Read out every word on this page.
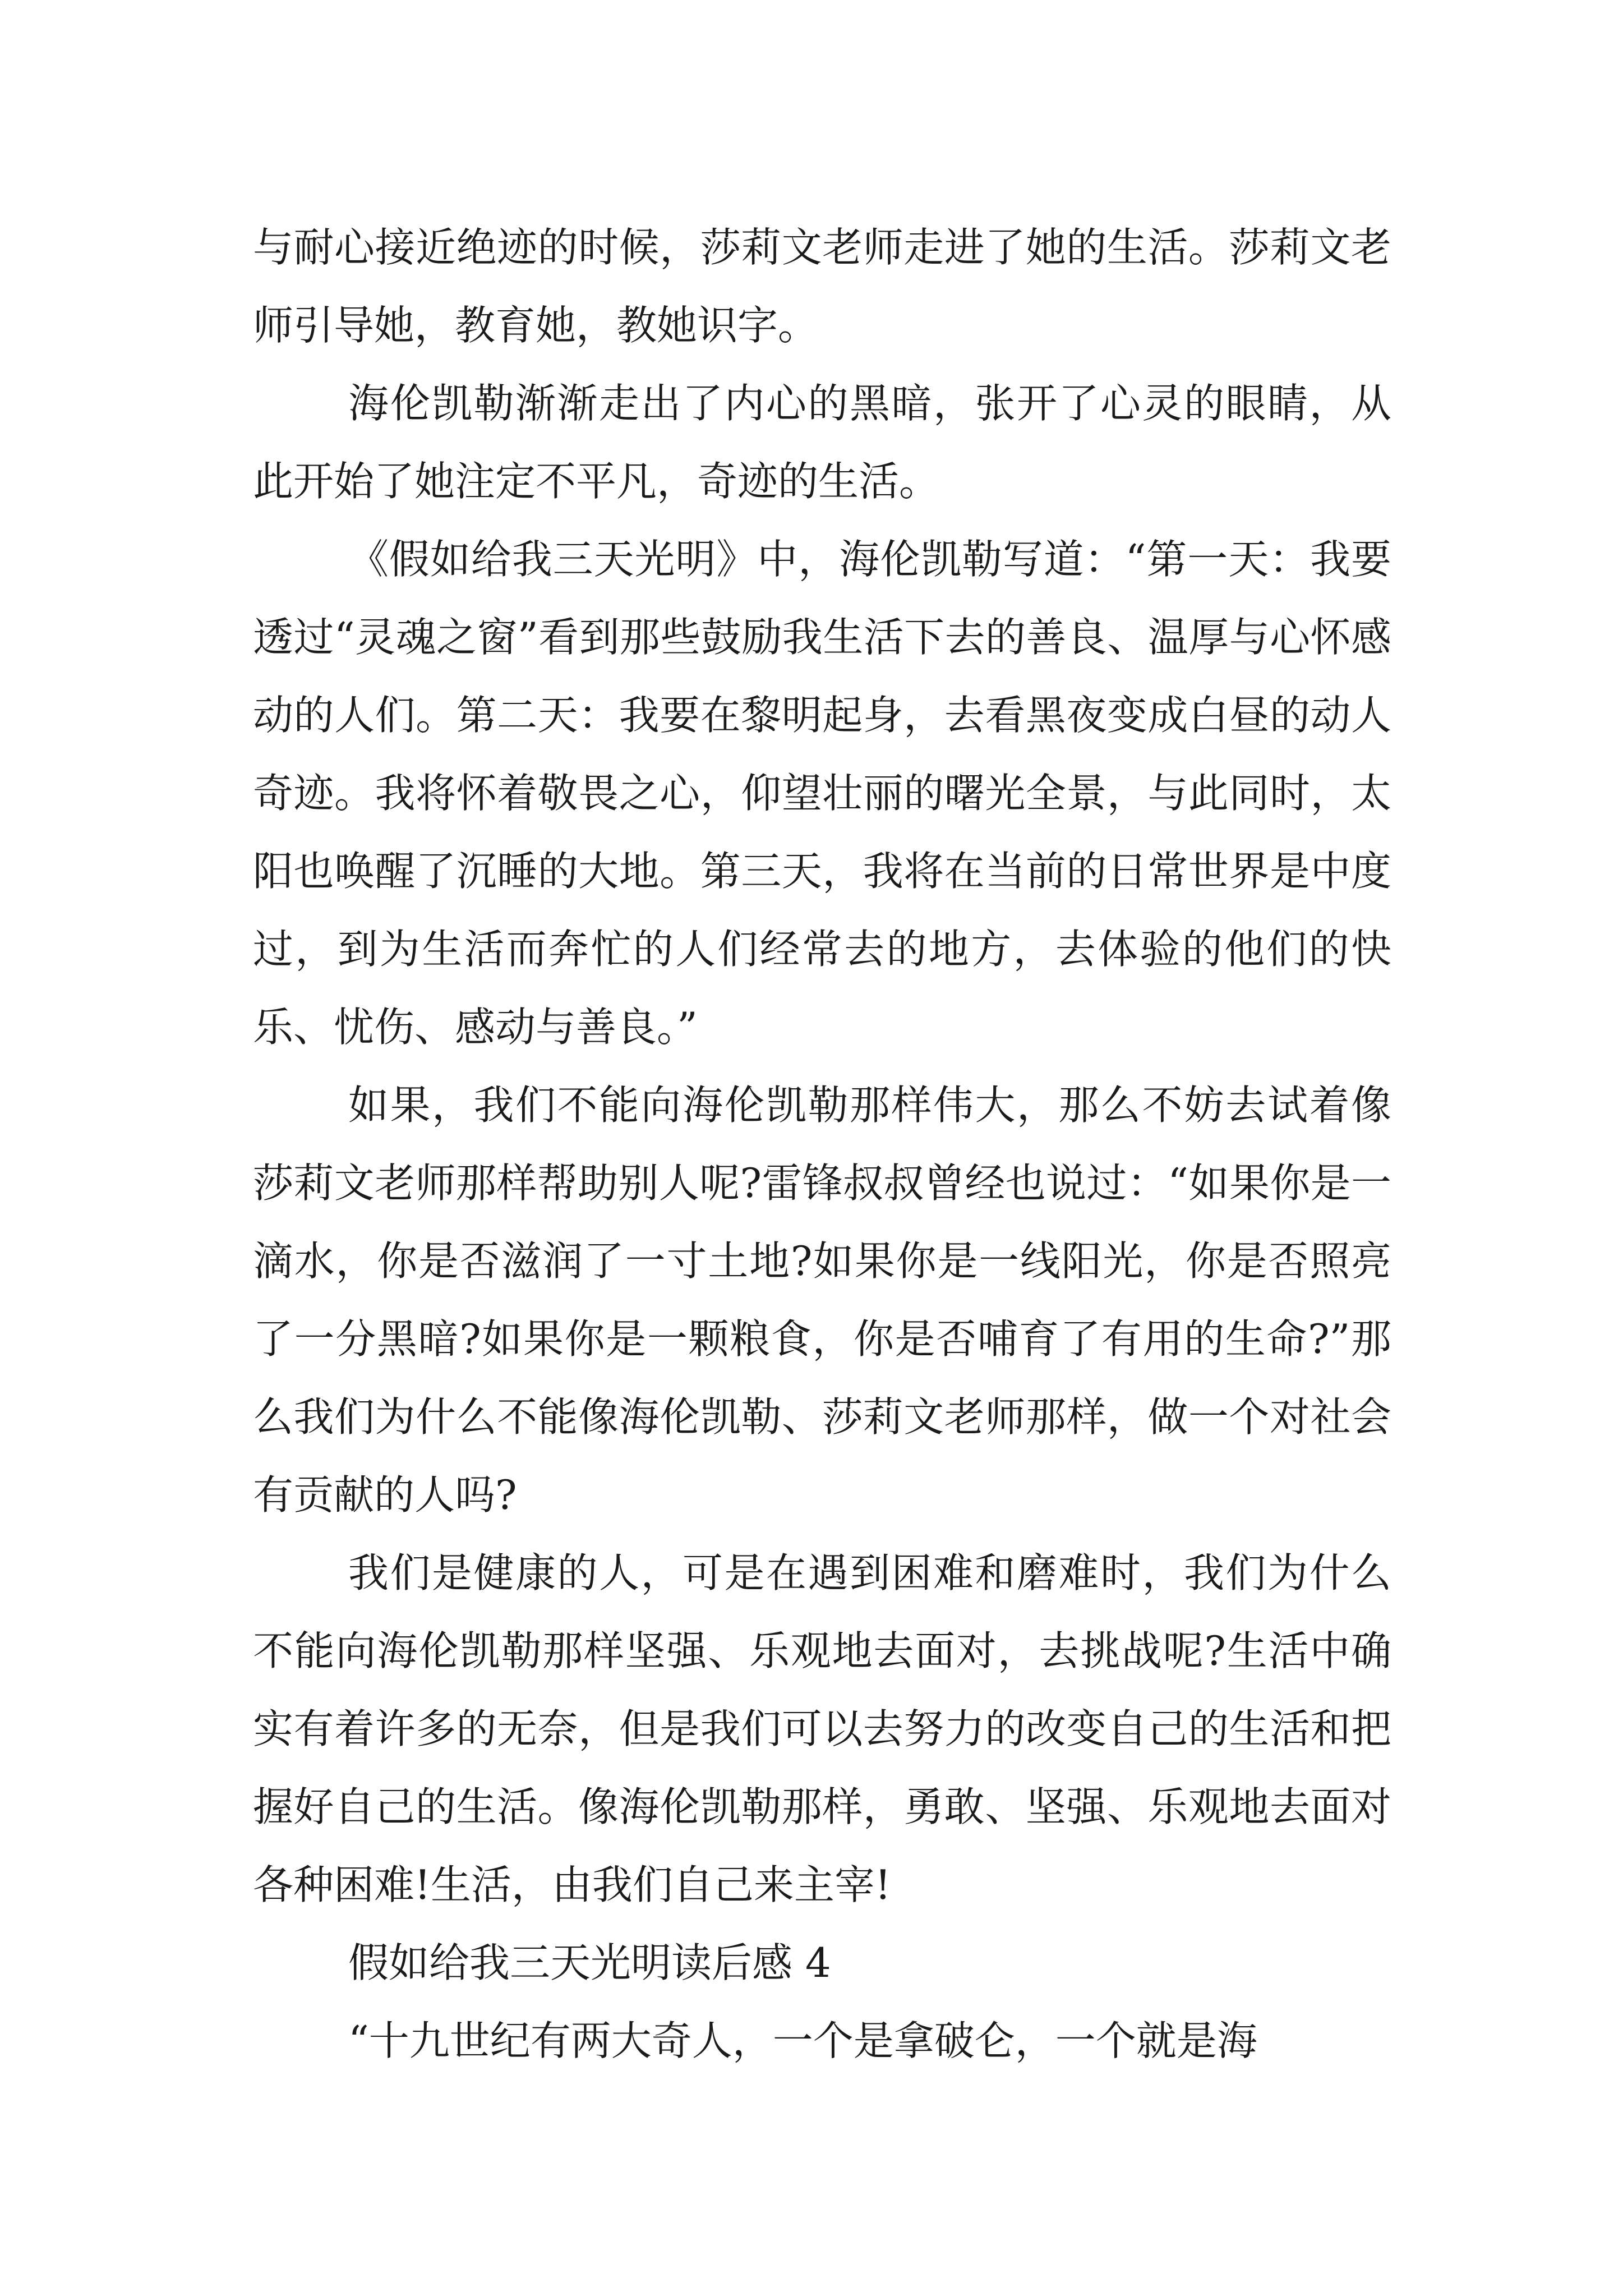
与耐心接近绝迹的时候，莎莉文老师走进了她的生活。莎莉文老师引导她，教育她，教她识字。

海伦凯勒渐渐走出了内心的黑暗，张开了心灵的眼睛，从此开始了她注定不平凡，奇迹的生活。

《假如给我三天光明》中，海伦凯勒写道：“第一天：我要透过“灵魂之窗”看到那些鼓励我生活下去的善良、温厚与心怀感动的人们。第二天：我要在黎明起身，去看黑夜变成白昼的动人奇迹。我将怀着敬畏之心，仰望壮丽的曙光全景，与此同时，太阳也唤醒了沉睡的大地。第三天，我将在当前的日常世界是中度过，到为生活而奔忙的人们经常去的地方，去体验的他们的快乐、忧伤、感动与善良。”

如果，我们不能向海伦凯勒那样伟大，那么不妨去试着像莎莉文老师那样帮助别人呢?雷锋叔叔曾经也说过：“如果你是一滴水，你是否滋润了一寸土地?如果你是一线阳光，你是否照亮了一分黑暗?如果你是一颗粮食，你是否哺育了有用的生命?”那么我们为什么不能像海伦凯勒、莎莉文老师那样，做一个对社会有贡献的人吗?

我们是健康的人，可是在遇到困难和磨难时，我们为什么不能向海伦凯勒那样坚强、乐观地去面对，去挑战呢?生活中确实有着许多的无奈，但是我们可以去努力的改变自己的生活和把握好自己的生活。像海伦凯勒那样，勇敢、坚强、乐观地去面对各种困难!生活，由我们自己来主宰!

假如给我三天光明读后感 4

“十九世纪有两大奇人，一个是拿破仑，一个就是海
